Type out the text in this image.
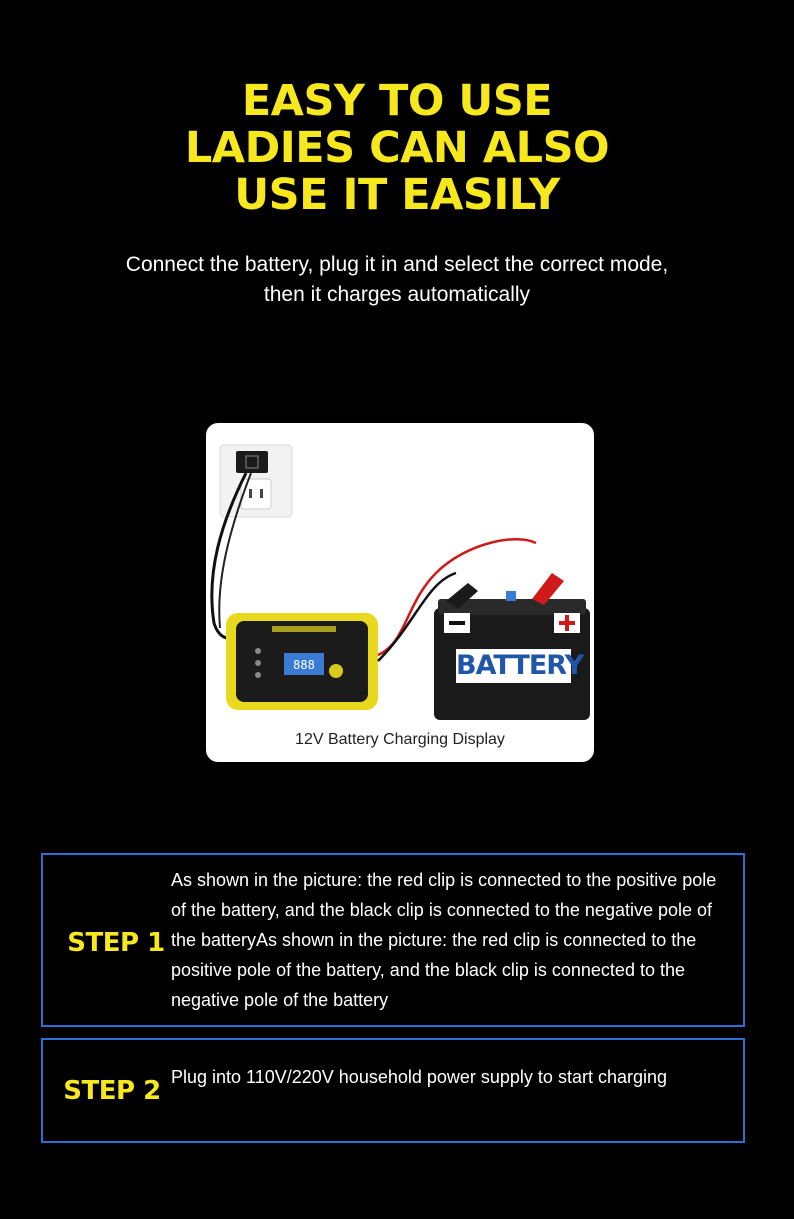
EASY TO USE
LADIES CAN ALSO
USE IT EASILY
Connect the battery, plug it in and select the correct mode,
then it charges automatically
888	BATTERY
12V Battery Charging Display
STEP 1
As shown in the picture: the red clip is connected to the positive pole of the battery, and the black clip is connected to the negative pole of the batteryAs shown in the picture: the red clip is connected to the positive pole of the battery, and the black clip is connected to the negative pole of the battery
STEP 2 Plug into 110V/220V household power supply to start charging
